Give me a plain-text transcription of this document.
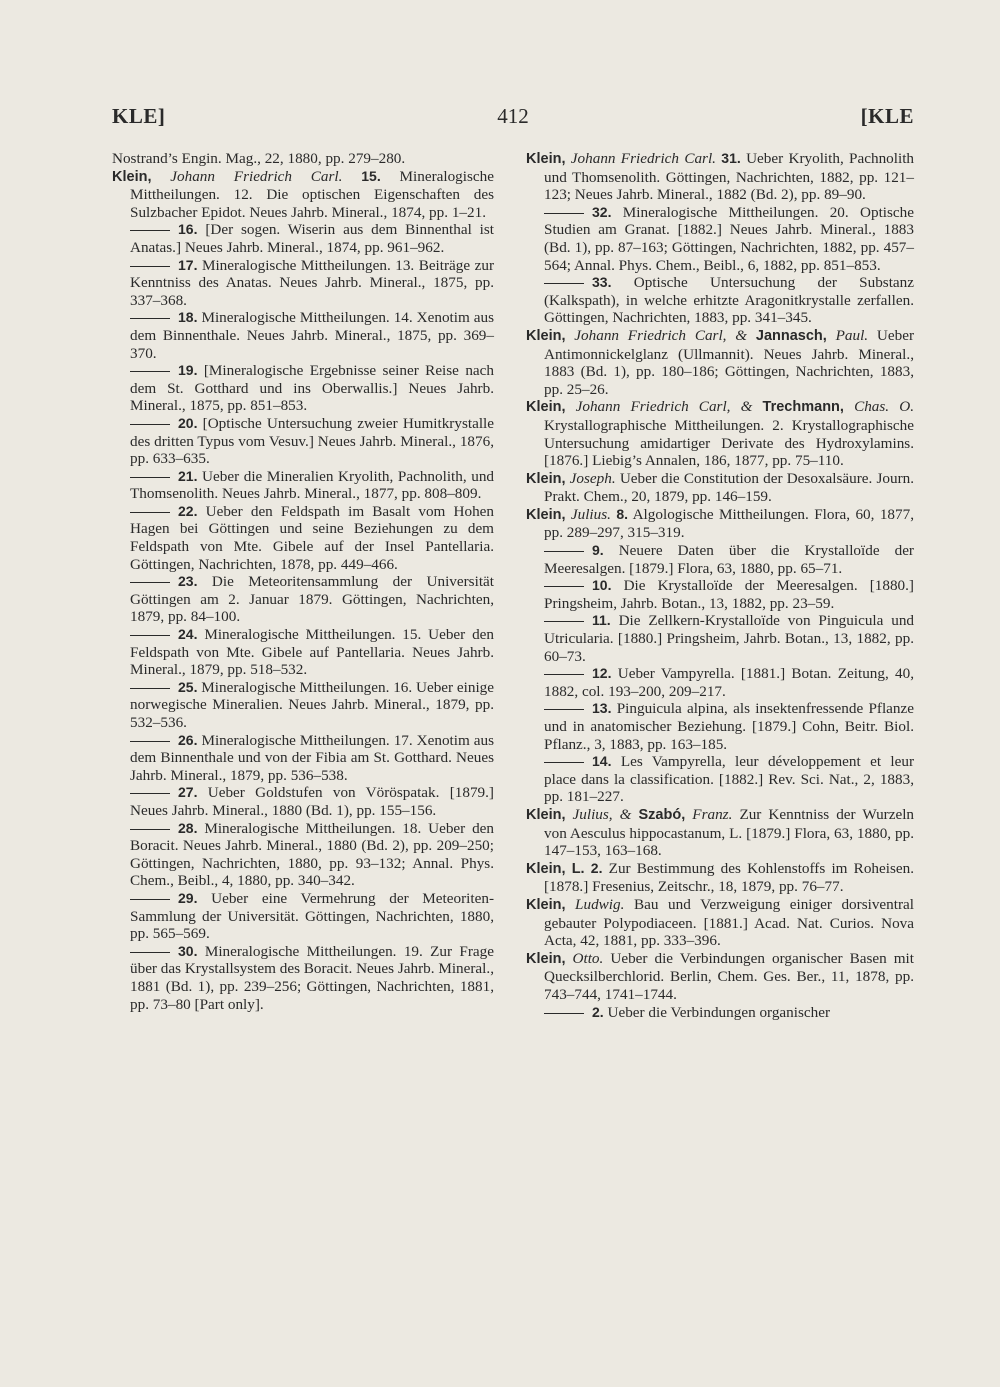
KLE]	412	[KLE
Nostrand’s Engin. Mag., 22, 1880, pp. 279–280.
Klein, Johann Friedrich Carl. 15. Mineralogische Mittheilungen. 12. Die optischen Eigenschaften des Sulzbacher Epidot. Neues Jahrb. Mineral., 1874, pp. 1–21.
16. [Der sogen. Wiserin aus dem Binnenthal ist Anatas.] Neues Jahrb. Mineral., 1874, pp. 961–962.
17. Mineralogische Mittheilungen. 13. Beiträge zur Kenntniss des Anatas. Neues Jahrb. Mineral., 1875, pp. 337–368.
18. Mineralogische Mittheilungen. 14. Xenotim aus dem Binnenthale. Neues Jahrb. Mineral., 1875, pp. 369–370.
19. [Mineralogische Ergebnisse seiner Reise nach dem St. Gotthard und ins Oberwallis.] Neues Jahrb. Mineral., 1875, pp. 851–853.
20. [Optische Untersuchung zweier Humitkrystalle des dritten Typus vom Vesuv.] Neues Jahrb. Mineral., 1876, pp. 633–635.
21. Ueber die Mineralien Kryolith, Pachnolith, und Thomsenolith. Neues Jahrb. Mineral., 1877, pp. 808–809.
22. Ueber den Feldspath im Basalt vom Hohen Hagen bei Göttingen und seine Beziehungen zu dem Feldspath von Mte. Gibele auf der Insel Pantellaria. Göttingen, Nachrichten, 1878, pp. 449–466.
23. Die Meteoritensammlung der Universität Göttingen am 2. Januar 1879. Göttingen, Nachrichten, 1879, pp. 84–100.
24. Mineralogische Mittheilungen. 15. Ueber den Feldspath von Mte. Gibele auf Pantellaria. Neues Jahrb. Mineral., 1879, pp. 518–532.
25. Mineralogische Mittheilungen. 16. Ueber einige norwegische Mineralien. Neues Jahrb. Mineral., 1879, pp. 532–536.
26. Mineralogische Mittheilungen. 17. Xenotim aus dem Binnenthale und von der Fibia am St. Gotthard. Neues Jahrb. Mineral., 1879, pp. 536–538.
27. Ueber Goldstufen von Vöröspatak. [1879.] Neues Jahrb. Mineral., 1880 (Bd. 1), pp. 155–156.
28. Mineralogische Mittheilungen. 18. Ueber den Boracit. Neues Jahrb. Mineral., 1880 (Bd. 2), pp. 209–250; Göttingen, Nachrichten, 1880, pp. 93–132; Annal. Phys. Chem., Beibl., 4, 1880, pp. 340–342.
29. Ueber eine Vermehrung der Meteoriten-Sammlung der Universität. Göttingen, Nachrichten, 1880, pp. 565–569.
30. Mineralogische Mittheilungen. 19. Zur Frage über das Krystallsystem des Boracit. Neues Jahrb. Mineral., 1881 (Bd. 1), pp. 239–256; Göttingen, Nachrichten, 1881, pp. 73–80 [Part only].
Klein, Johann Friedrich Carl. 31. Ueber Kryolith, Pachnolith und Thomsenolith. Göttingen, Nachrichten, 1882, pp. 121–123; Neues Jahrb. Mineral., 1882 (Bd. 2), pp. 89–90.
32. Mineralogische Mittheilungen. 20. Optische Studien am Granat. [1882.] Neues Jahrb. Mineral., 1883 (Bd. 1), pp. 87–163; Göttingen, Nachrichten, 1882, pp. 457–564; Annal. Phys. Chem., Beibl., 6, 1882, pp. 851–853.
33. Optische Untersuchung der Substanz (Kalkspath), in welche erhitzte Aragonitkrystalle zerfallen. Göttingen, Nachrichten, 1883, pp. 341–345.
Klein, Johann Friedrich Carl, & Jannasch, Paul. Ueber Antimonnickelglanz (Ullmannit). Neues Jahrb. Mineral., 1883 (Bd. 1), pp. 180–186; Göttingen, Nachrichten, 1883, pp. 25–26.
Klein, Johann Friedrich Carl, & Trechmann, Chas. O. Krystallographische Mittheilungen. 2. Krystallographische Untersuchung amidartiger Derivate des Hydroxylamins. [1876.] Liebig’s Annalen, 186, 1877, pp. 75–110.
Klein, Joseph. Ueber die Constitution der Desoxalsäure. Journ. Prakt. Chem., 20, 1879, pp. 146–159.
Klein, Julius. 8. Algologische Mittheilungen. Flora, 60, 1877, pp. 289–297, 315–319.
9. Neuere Daten über die Krystalloïde der Meeresalgen. [1879.] Flora, 63, 1880, pp. 65–71.
10. Die Krystalloïde der Meeresalgen. [1880.] Pringsheim, Jahrb. Botan., 13, 1882, pp. 23–59.
11. Die Zellkern-Krystalloïde von Pinguicula und Utricularia. [1880.] Pringsheim, Jahrb. Botan., 13, 1882, pp. 60–73.
12. Ueber Vampyrella. [1881.] Botan. Zeitung, 40, 1882, col. 193–200, 209–217.
13. Pinguicula alpina, als insektenfressende Pflanze und in anatomischer Beziehung. [1879.] Cohn, Beitr. Biol. Pflanz., 3, 1883, pp. 163–185.
14. Les Vampyrella, leur développement et leur place dans la classification. [1882.] Rev. Sci. Nat., 2, 1883, pp. 181–227.
Klein, Julius, & Szabó, Franz. Zur Kenntniss der Wurzeln von Aesculus hippocastanum, L. [1879.] Flora, 63, 1880, pp. 147–153, 163–168.
Klein, L. 2. Zur Bestimmung des Kohlenstoffs im Roheisen. [1878.] Fresenius, Zeitschr., 18, 1879, pp. 76–77.
Klein, Ludwig. Bau und Verzweigung einiger dorsiventral gebauter Polypodiaceen. [1881.] Acad. Nat. Curios. Nova Acta, 42, 1881, pp. 333–396.
Klein, Otto. Ueber die Verbindungen organischer Basen mit Quecksilberchlorid. Berlin, Chem. Ges. Ber., 11, 1878, pp. 743–744, 1741–1744.
2. Ueber die Verbindungen organischer
